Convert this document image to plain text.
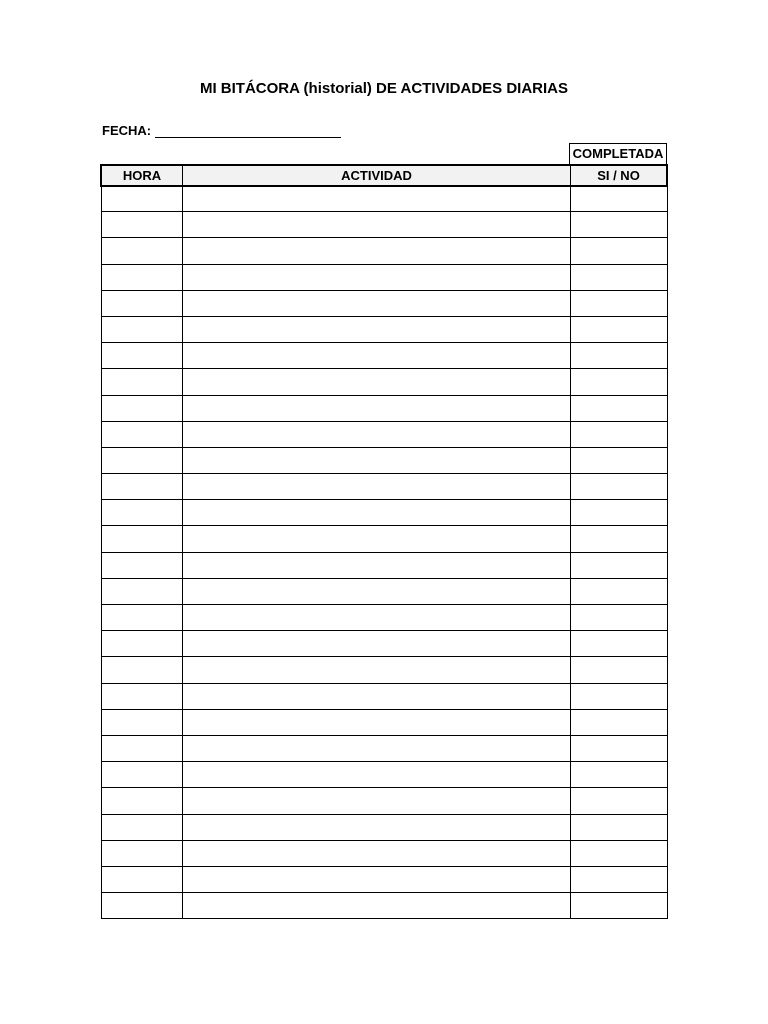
MI BITÁCORA (historial) DE ACTIVIDADES DIARIAS
FECHA:
COMPLETADA
HORA	ACTIVIDAD	SI / NO
